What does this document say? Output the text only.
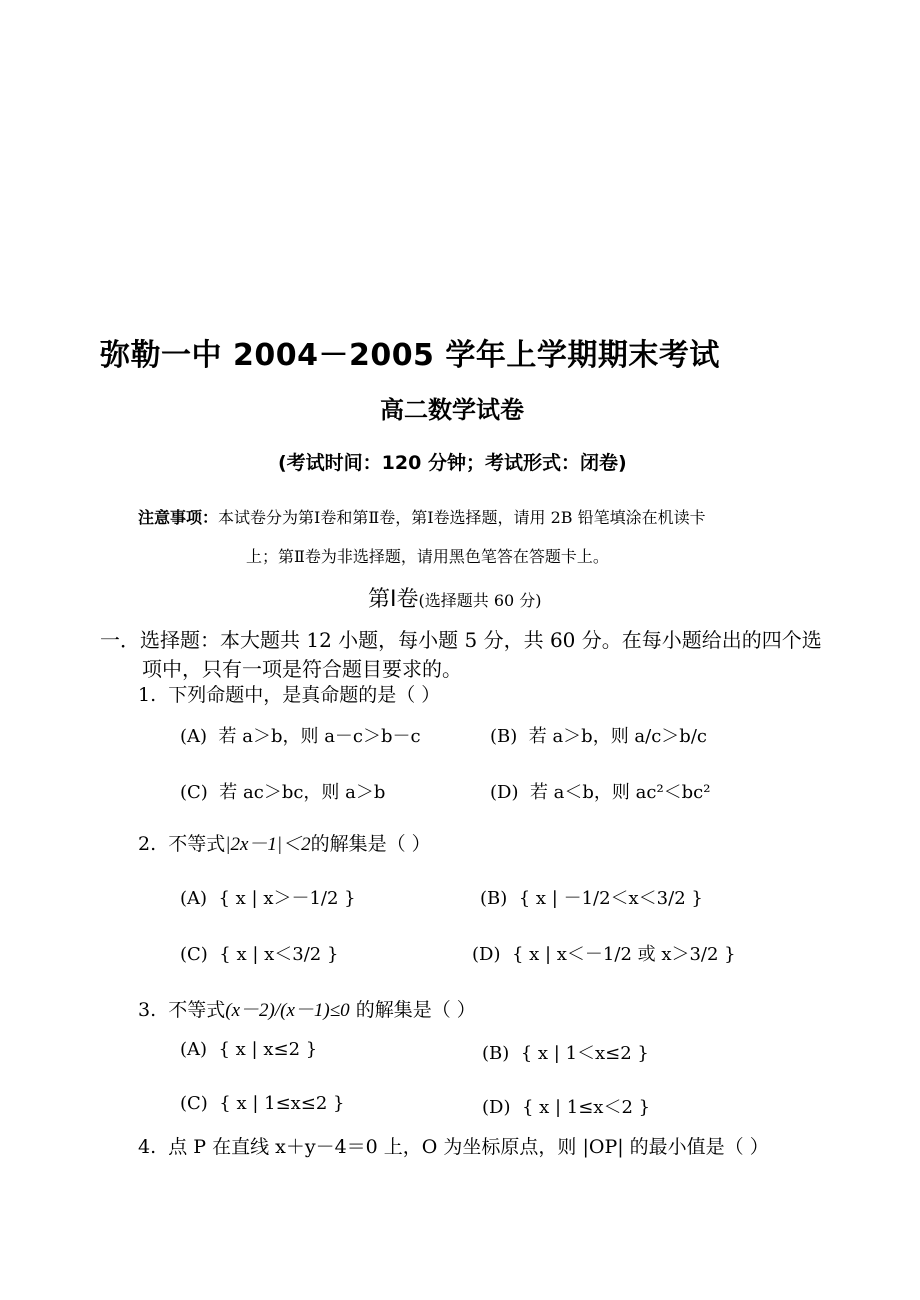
弥勒一中 2004－2005 学年上学期期末考试
高二数学试卷
(考试时间：120 分钟；考试形式：闭卷)
注意事项：本试卷分为第Ⅰ卷和第Ⅱ卷，第Ⅰ卷选择题，请用 2B 铅笔填涂在机读卡
上；第Ⅱ卷为非选择题，请用黑色笔答在答题卡上。
第Ⅰ卷(选择题共 60 分)
一．选择题：本大题共 12 小题，每小题 5 分，共 60 分。在每小题给出的四个选
项中，只有一项是符合题目要求的。
1. 下列命题中，是真命题的是（ ）
(A) 若 a＞b，则 a－c＞b－c	(B) 若 a＞b，则 a/c＞b/c
(C) 若 ac＞bc，则 a＞b	(D) 若 a＜b，则 ac²＜bc²
2. 不等式|2x－1|＜2的解集是（ ）
(A) { x | x＞－1/2 }	(B) { x | －1/2＜x＜3/2 }
(C) { x | x＜3/2 }	(D) { x | x＜－1/2 或 x＞3/2 }
3. 不等式(x－2)/(x－1)≤0 的解集是（ ）
(A) { x | x≤2 }	(B) { x | 1＜x≤2 }
(C) { x | 1≤x≤2 }	(D) { x | 1≤x＜2 }
4. 点 P 在直线 x＋y－4＝0 上，O 为坐标原点，则 |OP| 的最小值是（ ）
